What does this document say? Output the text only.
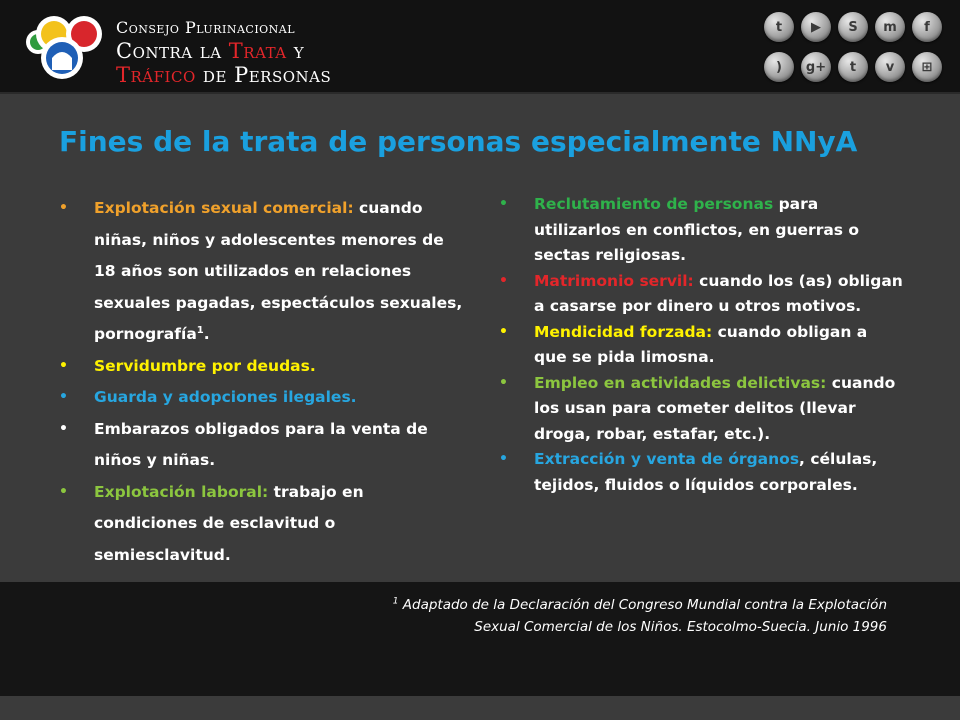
Consejo Plurinacional
Contra la Trata y
Tráfico de Personas
t	▶	S	m	f
)	g+	t	v	⊞
Fines de la trata de personas especialmente NNyA
• Explotación sexual comercial: cuando niñas, niños y adolescentes menores de 18 años son utilizados en relaciones sexuales pagadas, espectáculos sexuales, pornografía$^1$.
• Servidumbre por deudas.
• Guarda y adopciones ilegales.
• Embarazos obligados para la venta de niños y niñas.
• Explotación laboral: trabajo en condiciones de esclavitud o semiesclavitud.
• Reclutamiento de personas para utilizarlos en conflictos, en guerras o sectas religiosas.
• Matrimonio servil: cuando los (as) obligan a casarse por dinero u otros motivos.
• Mendicidad forzada: cuando obligan a que se pida limosna.
• Empleo en actividades delictivas: cuando los usan para cometer delitos (llevar droga, robar, estafar, etc.).
• Extracción y venta de órganos, células, tejidos, fluidos o líquidos corporales.
$^1$ Adaptado de la Declaración del Congreso Mundial contra la Explotación
Sexual Comercial de los Niños. Estocolmo-Suecia. Junio 1996
